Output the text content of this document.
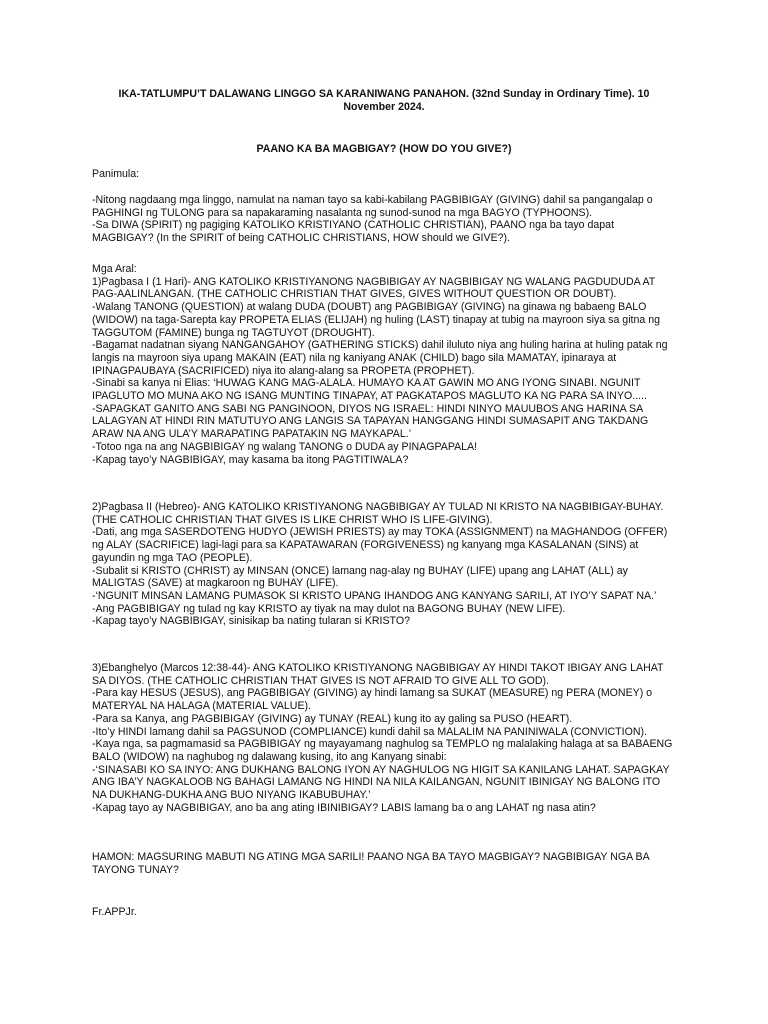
IKA-TATLUMPU’T DALAWANG LINGGO SA KARANIWANG PANAHON. (32nd Sunday in Ordinary Time). 10 November 2024.
PAANO KA BA MAGBIGAY? (HOW DO YOU GIVE?)

Panimula:

-Nitong nagdaang mga linggo, namulat na naman tayo sa kabi-kabilang PAGBIBIGAY (GIVING) dahil sa pangangalap o PAGHINGI ng TULONG para sa napakaraming nasalanta ng sunod-sunod na mga BAGYO (TYPHOONS).

-Sa DIWA (SPIRIT) ng pagiging KATOLIKO KRISTIYANO (CATHOLIC CHRISTIAN), PAANO nga ba tayo dapat MAGBIGAY? (In the SPIRIT of being CATHOLIC CHRISTIANS, HOW should we GIVE?).

Mga Aral:

1)Pagbasa I (1 Hari)- ANG KATOLIKO KRISTIYANONG NAGBIBIGAY AY NAGBIBIGAY NG WALANG PAGDUDUDA AT PAG-AALINLANGAN. (THE CATHOLIC CHRISTIAN THAT GIVES, GIVES WITHOUT QUESTION OR DOUBT).

-Walang TANONG (QUESTION) at walang DUDA (DOUBT) ang PAGBIBIGAY (GIVING) na ginawa ng babaeng BALO (WIDOW) na taga-Sarepta kay PROPETA ELIAS (ELIJAH) ng huling (LAST) tinapay at tubig na mayroon siya sa gitna ng TAGGUTOM (FAMINE) bunga ng TAGTUYOT (DROUGHT).

-Bagamat nadatnan siyang NANGANGAHOY (GATHERING STICKS) dahil iluluto niya ang huling harina at huling patak ng langis na mayroon siya upang MAKAIN (EAT) nila ng kaniyang ANAK (CHILD) bago sila MAMATAY, ipinaraya at IPINAGPAUBAYA (SACRIFICED) niya ito alang-alang sa PROPETA (PROPHET).

-Sinabi sa kanya ni Elias: ‘HUWAG KANG MAG-ALALA. HUMAYO KA AT GAWIN MO ANG IYONG SINABI. NGUNIT IPAGLUTO MO MUNA AKO NG ISANG MUNTING TINAPAY, AT PAGKATAPOS MAGLUTO KA NG PARA SA INYO.....

-SAPAGKAT GANITO ANG SABI NG PANGINOON, DIYOS NG ISRAEL: HINDI NINYO MAUUBOS ANG HARINA SA LALAGYAN AT HINDI RIN MATUTUYO ANG LANGIS SA TAPAYAN HANGGANG HINDI SUMASAPIT ANG TAKDANG ARAW NA ANG ULA’Y MARAPATING PAPATAKIN NG MAYKAPAL.’

-Totoo nga na ang NAGBIBIGAY ng walang TANONG o DUDA ay PINAGPAPALA!

-Kapag tayo’y NAGBIBIGAY, may kasama ba itong PAGTITIWALA?

2)Pagbasa II (Hebreo)- ANG KATOLIKO KRISTIYANONG NAGBIBIGAY AY TULAD NI KRISTO NA NAGBIBIGAY-BUHAY. (THE CATHOLIC CHRISTIAN THAT GIVES IS LIKE CHRIST WHO IS LIFE-GIVING).

-Dati, ang mga SASERDOTENG HUDYO (JEWISH PRIESTS) ay may TOKA (ASSIGNMENT) na MAGHANDOG (OFFER) ng ALAY (SACRIFICE) lagi-lagi para sa KAPATAWARAN (FORGIVENESS) ng kanyang mga KASALANAN (SINS) at gayundin ng mga TAO (PEOPLE).

-Subalit si KRISTO (CHRIST) ay MINSAN (ONCE) lamang nag-alay ng BUHAY (LIFE) upang ang LAHAT (ALL) ay MALIGTAS (SAVE) at magkaroon ng BUHAY (LIFE).

-‘NGUNIT MINSAN LAMANG PUMASOK SI KRISTO UPANG IHANDOG ANG KANYANG SARILI, AT IYO’Y SAPAT NA.’

-Ang PAGBIBIGAY ng tulad ng kay KRISTO ay tiyak na may dulot na BAGONG BUHAY (NEW LIFE).

-Kapag tayo’y NAGBIBIGAY, sinisikap ba nating tularan si KRISTO?

3)Ebanghelyo (Marcos 12:38-44)- ANG KATOLIKO KRISTIYANONG NAGBIBIGAY AY HINDI TAKOT IBIGAY ANG LAHAT SA DIYOS. (THE CATHOLIC CHRISTIAN THAT GIVES IS NOT AFRAID TO GIVE ALL TO GOD).

-Para kay HESUS (JESUS), ang PAGBIBIGAY (GIVING) ay hindi lamang sa SUKAT (MEASURE) ng PERA (MONEY) o MATERYAL NA HALAGA (MATERIAL VALUE).

-Para sa Kanya, ang PAGBIBIGAY (GIVING) ay TUNAY (REAL) kung ito ay galing sa PUSO (HEART).

-Ito’y HINDI lamang dahil sa PAGSUNOD (COMPLIANCE) kundi dahil sa MALALIM NA PANINIWALA (CONVICTION).

-Kaya nga, sa pagmamasid sa PAGBIBIGAY ng mayayamang naghulog sa TEMPLO ng malalaking halaga at sa BABAENG BALO (WIDOW) na naghubog ng dalawang kusing, ito ang Kanyang sinabi:

-‘SINASABI KO SA INYO: ANG DUKHANG BALONG IYON AY NAGHULOG NG HIGIT SA KANILANG LAHAT. SAPAGKAY ANG IBA’Y NAGKALOOB NG BAHAGI LAMANG NG HINDI NA NILA KAILANGAN, NGUNIT IBINIGAY NG BALONG ITO NA DUKHANG-DUKHA ANG BUO NIYANG IKABUBUHAY.’

-Kapag tayo ay NAGBIBIGAY, ano ba ang ating IBINIBIGAY? LABIS lamang ba o ang LAHAT ng nasa atin?

HAMON: MAGSURING MABUTI NG ATING MGA SARILI! PAANO NGA BA TAYO MAGBIGAY? NAGBIBIGAY NGA BA TAYONG TUNAY?

Fr.APPJr.
